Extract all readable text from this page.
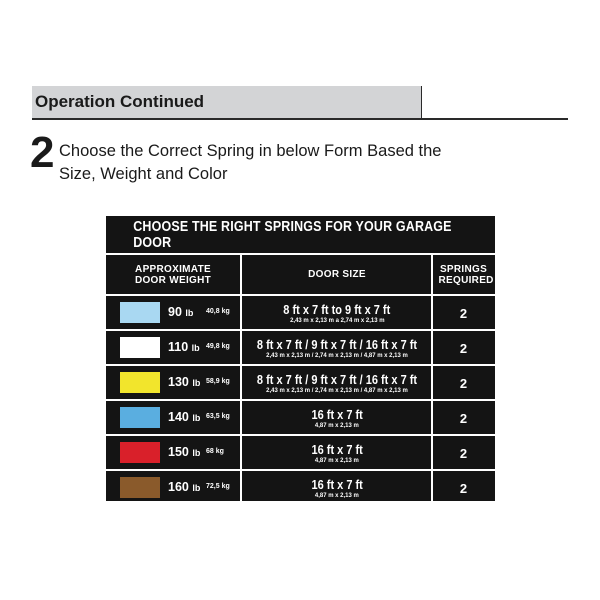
Operation Continued
2 Choose the Correct Spring in below Form Based the Size, Weight and Color
CHOOSE THE RIGHT SPRINGS FOR YOUR GARAGE DOOR
APPROXIMATE DOOR WEIGHT	DOOR SIZE	SPRINGS REQUIRED
90 lb 40,8 kg	8 ft x 7 ft to 9 ft x 7 ft
2,43 m x 2,13 m a 2,74 m x 2,13 m	2
110 lb 49,8 kg 8 ft x 7 ft / 9 ft x 7 ft / 16 ft x 7 ft
2,43 m x 2,13 m / 2,74 m x 2,13 m / 4,87 m x 2,13 m	2
130 lb 58,9 kg 8 ft x 7 ft / 9 ft x 7 ft / 16 ft x 7 ft
2,43 m x 2,13 m / 2,74 m x 2,13 m / 4,87 m x 2,13 m	2
140 lb 63,5 kg	16 ft x 7 ft
4,87 m x 2,13 m	2
150 lb 68 kg	16 ft x 7 ft
4,87 m x 2,13 m	2
160 lb 72,5 kg	16 ft x 7 ft
4,87 m x 2,13 m	2
